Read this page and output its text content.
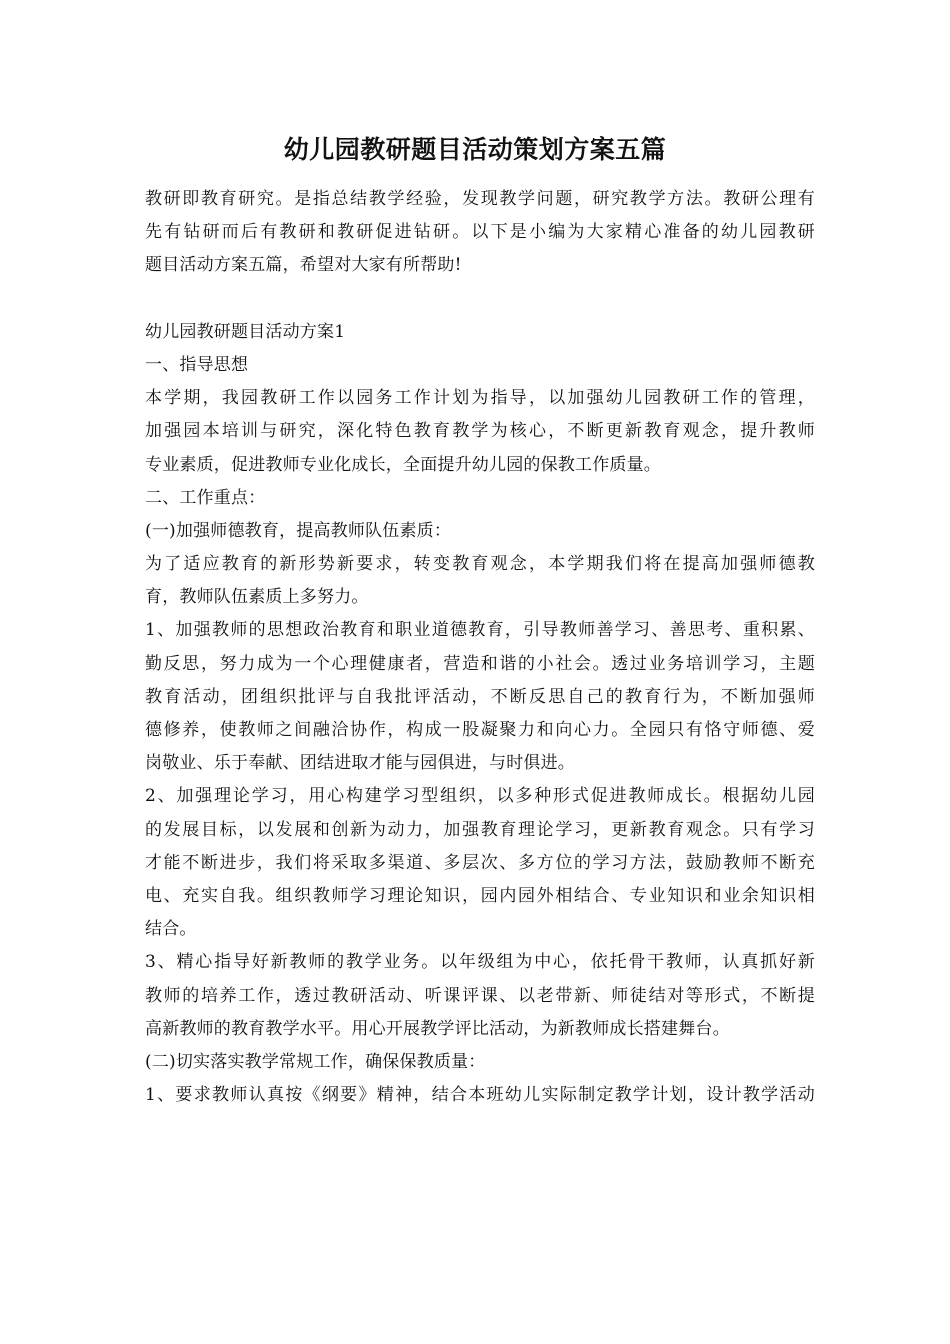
幼儿园教研题目活动策划方案五篇
教研即教育研究。是指总结教学经验，发现教学问题，研究教学方法。教研公理有
先有钻研而后有教研和教研促进钻研。以下是小编为大家精心准备的幼儿园教研
题目活动方案五篇，希望对大家有所帮助!
幼儿园教研题目活动方案1
一、指导思想
本学期，我园教研工作以园务工作计划为指导，以加强幼儿园教研工作的管理，
加强园本培训与研究，深化特色教育教学为核心，不断更新教育观念，提升教师
专业素质，促进教师专业化成长，全面提升幼儿园的保教工作质量。
二、工作重点：
(一)加强师德教育，提高教师队伍素质：
为了适应教育的新形势新要求，转变教育观念，本学期我们将在提高加强师德教
育，教师队伍素质上多努力。
1、加强教师的思想政治教育和职业道德教育，引导教师善学习、善思考、重积累、
勤反思，努力成为一个心理健康者，营造和谐的小社会。透过业务培训学习，主题
教育活动，团组织批评与自我批评活动，不断反思自己的教育行为，不断加强师
德修养，使教师之间融洽协作，构成一股凝聚力和向心力。全园只有恪守师德、爱
岗敬业、乐于奉献、团结进取才能与园俱进，与时俱进。
2、加强理论学习，用心构建学习型组织，以多种形式促进教师成长。根据幼儿园
的发展目标，以发展和创新为动力，加强教育理论学习，更新教育观念。只有学习
才能不断进步，我们将采取多渠道、多层次、多方位的学习方法，鼓励教师不断充
电、充实自我。组织教师学习理论知识，园内园外相结合、专业知识和业余知识相
结合。
3、精心指导好新教师的教学业务。以年级组为中心，依托骨干教师，认真抓好新
教师的培养工作，透过教研活动、听课评课、以老带新、师徒结对等形式，不断提
高新教师的教育教学水平。用心开展教学评比活动，为新教师成长搭建舞台。
(二)切实落实教学常规工作，确保保教质量：
1、要求教师认真按《纲要》精神，结合本班幼儿实际制定教学计划，设计教学活动
